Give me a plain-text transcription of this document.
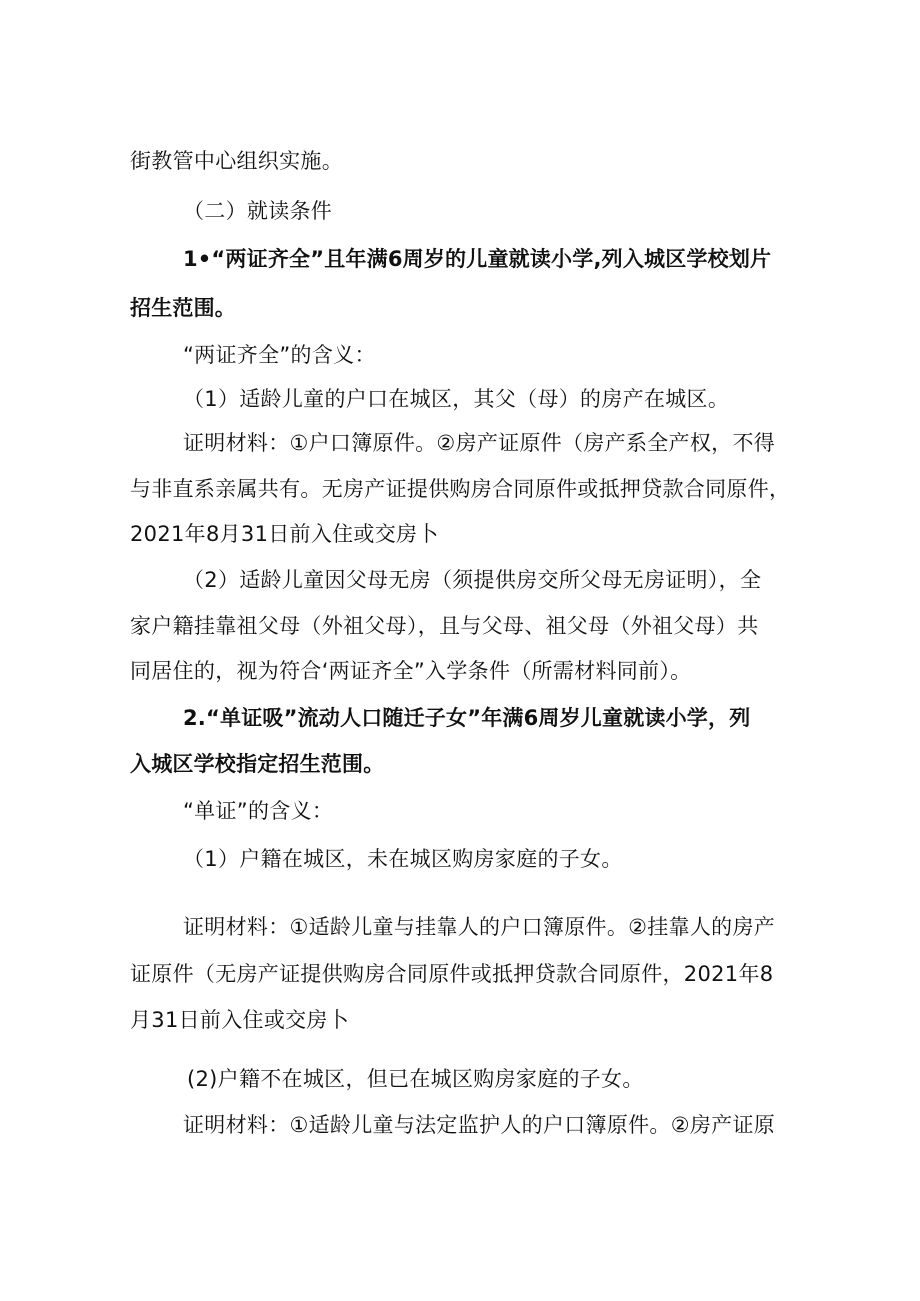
街教管中心组织实施。

（二）就读条件

1•“两证齐全”且年满6周岁的儿童就读小学,列入城区学校划片

招生范围。

“两证齐全”的含义：

（1）适龄儿童的户口在城区，其父（母）的房产在城区。

证明材料：①户口簿原件。②房产证原件（房产系全产权，不得

与非直系亲属共有。无房产证提供购房合同原件或抵押贷款合同原件，

2021年8月31日前入住或交房卜

（2）适龄儿童因父母无房（须提供房交所父母无房证明），全

家户籍挂靠祖父母（外祖父母），且与父母、祖父母（外祖父母）共

同居住的，视为符合‘两证齐全”入学条件（所需材料同前）。

2.“单证吸”流动人口随迁子女”年满6周岁儿童就读小学，列

入城区学校指定招生范围。

“单证”的含义：

（1）户籍在城区，未在城区购房家庭的子女。

证明材料：①适龄儿童与挂靠人的户口簿原件。②挂靠人的房产

证原件（无房产证提供购房合同原件或抵押贷款合同原件，2021年8

月31日前入住或交房卜

(2)户籍不在城区，但已在城区购房家庭的子女。

证明材料：①适龄儿童与法定监护人的户口簿原件。②房产证原
